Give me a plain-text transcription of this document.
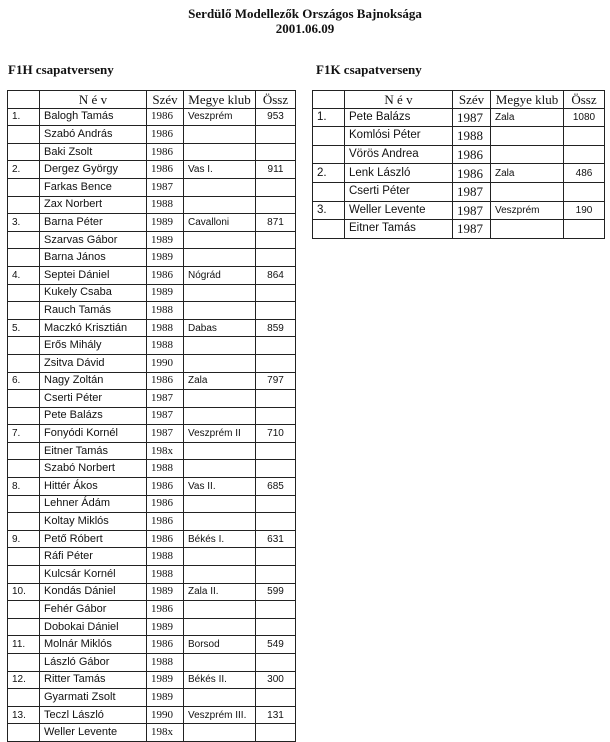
Serdülő Modellezők Országos Bajnoksága
2001.06.09
F1H csapatverseny	F1K csapatverseny
	N é v	Szév	Megye klub	Össz
1.	Balogh Tamás	1986	Veszprém	953
	Szabó András	1986		
	Baki Zsolt	1986		
2.	Dergez György	1986	Vas I.	911
	Farkas Bence	1987		
	Zax Norbert	1988		
3.	Barna Péter	1989	Cavalloni	871
	Szarvas Gábor	1989		
	Barna János	1989		
4.	Septei Dániel	1986	Nógrád	864
	Kukely Csaba	1989		
	Rauch Tamás	1988		
5.	Maczkó Krisztián	1988	Dabas	859
	Erős Mihály	1988		
	Zsitva Dávid	1990		
6.	Nagy Zoltán	1986	Zala	797
	Cserti Péter	1987		
	Pete Balázs	1987		
7.	Fonyódi Kornél	1987	Veszprém II	710
	Eitner Tamás	198x		
	Szabó Norbert	1988		
8.	Hittér Ákos	1986	Vas II.	685
	Lehner Ádám	1986		
	Koltay Miklós	1986		
9.	Pető Róbert	1986	Békés I.	631
	Ráfi Péter	1988		
	Kulcsár Kornél	1988		
10.	Kondás Dániel	1989	Zala II.	599
	Fehér Gábor	1986		
	Dobokai Dániel	1989		
11.	Molnár Miklós	1986	Borsod	549
	László Gábor	1988		
12.	Ritter Tamás	1989	Békés II.	300
	Gyarmati Zsolt	1989		
13.	Teczl László	1990	Veszprém III.	131
	Weller Levente	198x		
	N é v	Szév	Megye klub	Össz
1.	Pete Balázs	1987	Zala	1080
	Komlósi Péter	1988		
	Vörös Andrea	1986		
2.	Lenk László	1986	Zala	486
	Cserti Péter	1987		
3.	Weller Levente	1987	Veszprém	190
	Eitner Tamás	1987		
